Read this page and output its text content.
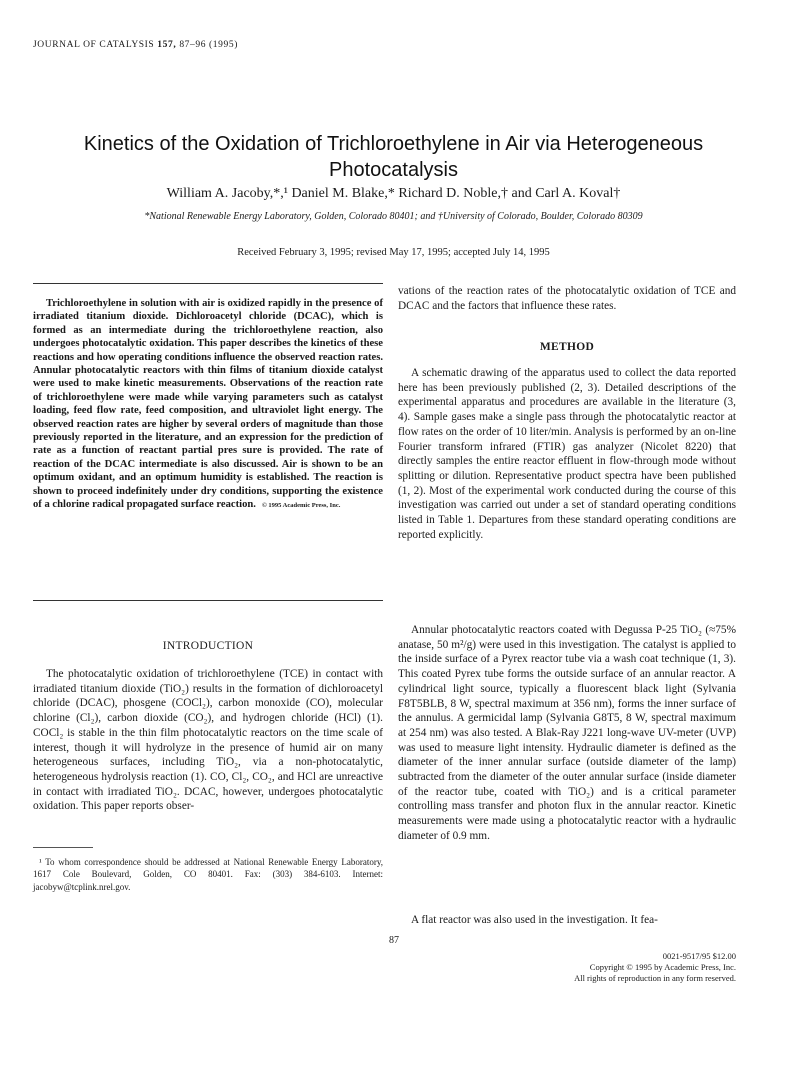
JOURNAL OF CATALYSIS 157, 87–96 (1995)
Kinetics of the Oxidation of Trichloroethylene in Air via Heterogeneous Photocatalysis
William A. Jacoby,*,¹ Daniel M. Blake,* Richard D. Noble,† and Carl A. Koval†
*National Renewable Energy Laboratory, Golden, Colorado 80401; and †University of Colorado, Boulder, Colorado 80309
Received February 3, 1995; revised May 17, 1995; accepted July 14, 1995
Trichloroethylene in solution with air is oxidized rapidly in the presence of irradiated titanium dioxide. Dichloroacetyl chloride (DCAC), which is formed as an intermediate during the trichloroethylene reaction, also undergoes photocatalytic oxidation. This paper describes the kinetics of these reactions and how operating conditions influence the observed reaction rates. Annular photocatalytic reactors with thin films of titanium dioxide catalyst were used to make kinetic measurements. Observations of the reaction rate of trichloroethylene were made while varying parameters such as catalyst loading, feed flow rate, feed composition, and ultraviolet light energy. The observed reaction rates are higher by several orders of magnitude than those previously reported in the literature, and an expression for the prediction of rate as a function of reactant partial pres sure is provided. The rate of reaction of the DCAC intermediate is also discussed. Air is shown to be an optimum oxidant, and an optimum humidity is established. The reaction is shown to proceed indefinitely under dry conditions, supporting the existence of a chlorine radical propagated surface reaction. © 1995 Academic Press, Inc.
INTRODUCTION
The photocatalytic oxidation of trichloroethylene (TCE) in contact with irradiated titanium dioxide (TiO₂) results in the formation of dichloroacetyl chloride (DCAC), phosgene (COCl₂), carbon monoxide (CO), molecular chlorine (Cl₂), carbon dioxide (CO₂), and hydrogen chloride (HCl) (1). COCl₂ is stable in the thin film photocatalytic reactors on the time scale of interest, though it will hydrolyze in the presence of humid air on many heterogeneous surfaces, including TiO₂, via a non-photocatalytic, heterogeneous hydrolysis reaction (1). CO, Cl₂, CO₂, and HCl are unreactive in contact with irradiated TiO₂. DCAC, however, undergoes photocatalytic oxidation. This paper reports obser-
¹ To whom correspondence should be addressed at National Renewable Energy Laboratory, 1617 Cole Boulevard, Golden, CO 80401. Fax: (303) 384-6103. Internet: jacobyw@tcplink.nrel.gov.
vations of the reaction rates of the photocatalytic oxidation of TCE and DCAC and the factors that influence these rates.
METHOD
A schematic drawing of the apparatus used to collect the data reported here has been previously published (2, 3). Detailed descriptions of the experimental apparatus and procedures are available in the literature (3, 4). Sample gases make a single pass through the photocatalytic reactor at flow rates on the order of 10 liter/min. Analysis is performed by an on-line Fourier transform infrared (FTIR) gas analyzer (Nicolet 8220) that directly samples the entire reactor effluent in flow-through mode without splitting or dilution. Representative product spectra have been published (1, 2). Most of the experimental work conducted during the course of this investigation was carried out under a set of standard operating conditions listed in Table 1. Departures from these standard operating conditions are reported explicitly.
Annular photocatalytic reactors coated with Degussa P-25 TiO₂ (≈75% anatase, 50 m²/g) were used in this investigation. The catalyst is applied to the inside surface of a Pyrex reactor tube via a wash coat technique (1, 3). This coated Pyrex tube forms the outside surface of an annular reactor. A cylindrical light source, typically a fluorescent black light (Sylvania F8T5BLB, 8 W, spectral maximum at 356 nm), forms the inner surface of the annulus. A germicidal lamp (Sylvania G8T5, 8 W, spectral maximum at 254 nm) was also tested. A Blak-Ray J221 long-wave UV-meter (UVP) was used to measure light intensity. Hydraulic diameter is defined as the diameter of the inner annular surface (outside diameter of the lamp) subtracted from the diameter of the outer annular surface (inside diameter of the reactor tube, coated with TiO₂) and is a critical parameter controlling mass transfer and photon flux in the annular reactor. Kinetic measurements were made using a photocatalytic reactor with a hydraulic diameter of 0.9 mm.
A flat reactor was also used in the investigation. It fea-
87
0021-9517/95 $12.00
Copyright © 1995 by Academic Press, Inc.
All rights of reproduction in any form reserved.
